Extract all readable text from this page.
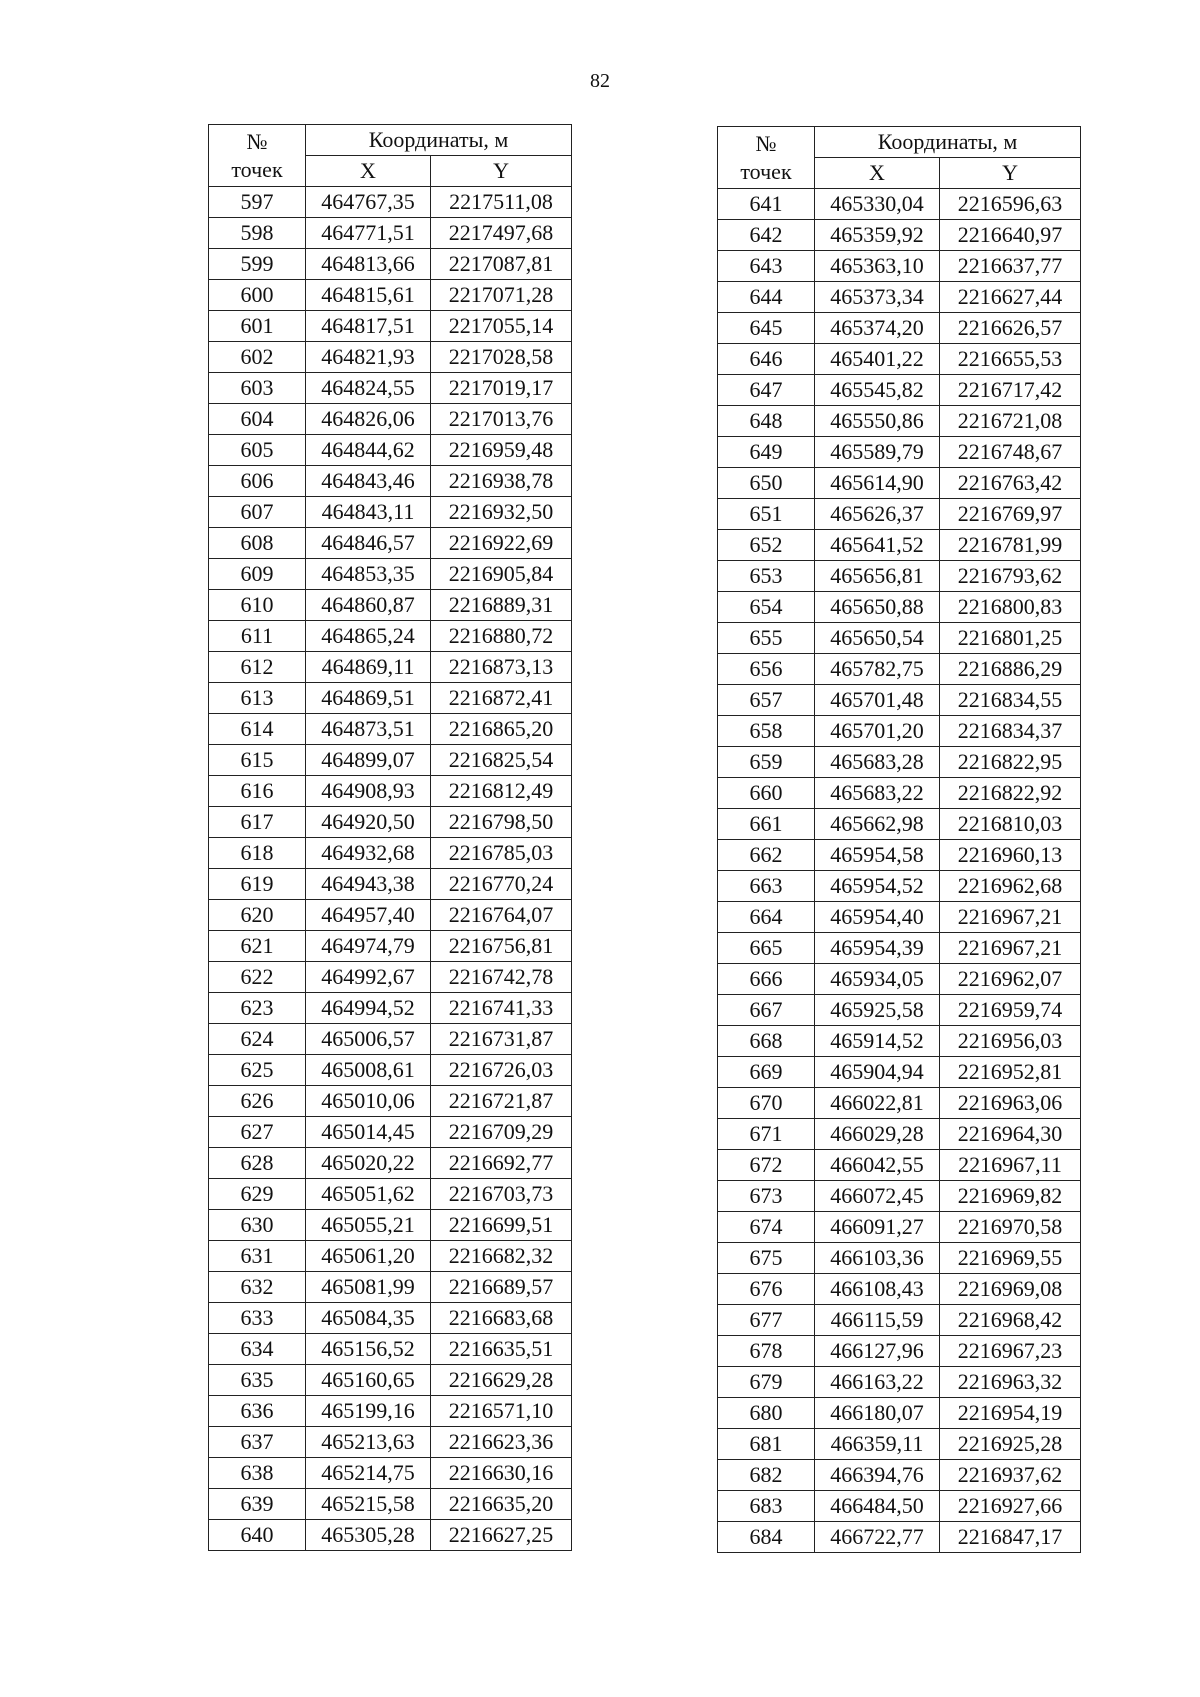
82
№
точек	Координаты, м	
	X	Y
597	464767,35	2217511,08
598	464771,51	2217497,68
599	464813,66	2217087,81
600	464815,61	2217071,28
601	464817,51	2217055,14
602	464821,93	2217028,58
603	464824,55	2217019,17
604	464826,06	2217013,76
605	464844,62	2216959,48
606	464843,46	2216938,78
607	464843,11	2216932,50
608	464846,57	2216922,69
609	464853,35	2216905,84
610	464860,87	2216889,31
611	464865,24	2216880,72
612	464869,11	2216873,13
613	464869,51	2216872,41
614	464873,51	2216865,20
615	464899,07	2216825,54
616	464908,93	2216812,49
617	464920,50	2216798,50
618	464932,68	2216785,03
619	464943,38	2216770,24
620	464957,40	2216764,07
621	464974,79	2216756,81
622	464992,67	2216742,78
623	464994,52	2216741,33
624	465006,57	2216731,87
625	465008,61	2216726,03
626	465010,06	2216721,87
627	465014,45	2216709,29
628	465020,22	2216692,77
629	465051,62	2216703,73
630	465055,21	2216699,51
631	465061,20	2216682,32
632	465081,99	2216689,57
633	465084,35	2216683,68
634	465156,52	2216635,51
635	465160,65	2216629,28
636	465199,16	2216571,10
637	465213,63	2216623,36
638	465214,75	2216630,16
639	465215,58	2216635,20
640	465305,28	2216627,25
№
точек	Координаты, м	
	X	Y
641	465330,04	2216596,63
642	465359,92	2216640,97
643	465363,10	2216637,77
644	465373,34	2216627,44
645	465374,20	2216626,57
646	465401,22	2216655,53
647	465545,82	2216717,42
648	465550,86	2216721,08
649	465589,79	2216748,67
650	465614,90	2216763,42
651	465626,37	2216769,97
652	465641,52	2216781,99
653	465656,81	2216793,62
654	465650,88	2216800,83
655	465650,54	2216801,25
656	465782,75	2216886,29
657	465701,48	2216834,55
658	465701,20	2216834,37
659	465683,28	2216822,95
660	465683,22	2216822,92
661	465662,98	2216810,03
662	465954,58	2216960,13
663	465954,52	2216962,68
664	465954,40	2216967,21
665	465954,39	2216967,21
666	465934,05	2216962,07
667	465925,58	2216959,74
668	465914,52	2216956,03
669	465904,94	2216952,81
670	466022,81	2216963,06
671	466029,28	2216964,30
672	466042,55	2216967,11
673	466072,45	2216969,82
674	466091,27	2216970,58
675	466103,36	2216969,55
676	466108,43	2216969,08
677	466115,59	2216968,42
678	466127,96	2216967,23
679	466163,22	2216963,32
680	466180,07	2216954,19
681	466359,11	2216925,28
682	466394,76	2216937,62
683	466484,50	2216927,66
684	466722,77	2216847,17
